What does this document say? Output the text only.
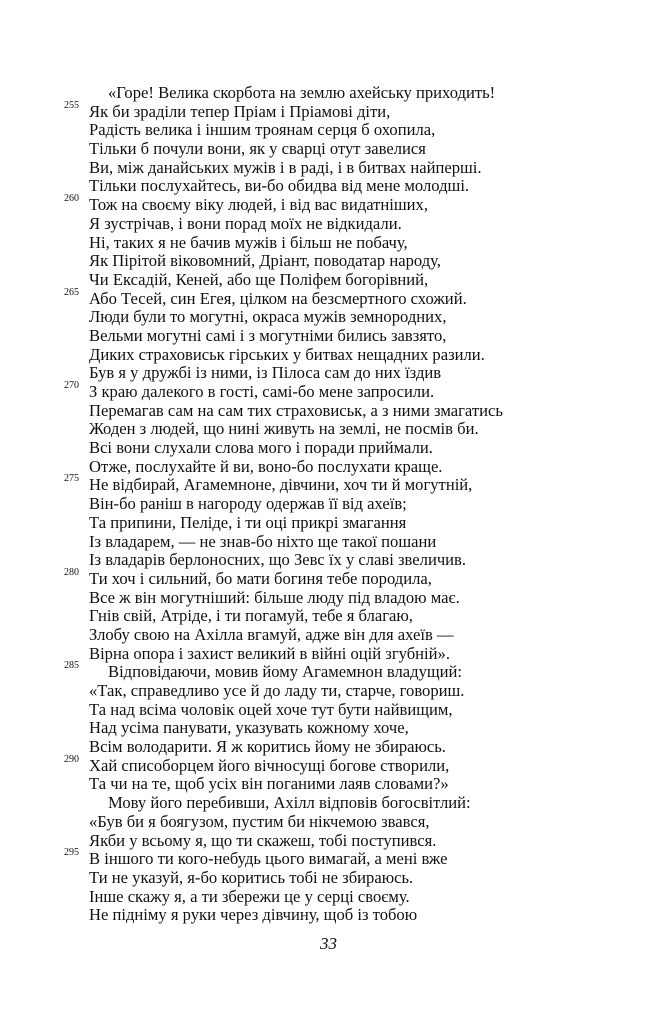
«Горе! Велика скорбота на землю ахейську приходить!
255 Як би зраділи тепер Пріам і Пріамові діти,
Радість велика і іншим троянам серця б охопила,
Тільки б почули вони, як у сварці отут завелися
Ви, між данайських мужів і в раді, і в битвах найперші.
Тільки послухайтесь, ви-бо обидва від мене молодші.
260 Тож на своєму віку людей, і від вас видатніших,
Я зустрічав, і вони порад моїх не відкидали.
Ні, таких я не бачив мужів і більш не побачу,
Як Пірітой віковомний, Дріант, поводатар народу,
Чи Ексадій, Кеней, або ще Поліфем богорівний,
265 Або Тесей, син Егея, цілком на безсмертного схожий.
Люди були то могутні, окраса мужів земнородних,
Вельми могутні самі і з могутніми бились завзято,
Диких страховиськ гірських у битвах нещадних разили.
Був я у дружбі із ними, із Пілоса сам до них їздив
270 З краю далекого в гості, самі-бо мене запросили.
Перемагав сам на сам тих страховиськ, а з ними змагатись
Жоден з людей, що нині живуть на землі, не посмів би.
Всі вони слухали слова мого і поради приймали.
Отже, послухайте й ви, воно-бо послухати краще.
275 Не відбирай, Агамемноне, дівчини, хоч ти й могутній,
Він-бо раніш в нагороду одержав її від ахеїв;
Та припини, Пеліде, і ти оці прикрі змагання
Із владарем, — не знав-бо ніхто ще такої пошани
Із владарів берлоносних, що Зевс їх у славі звеличив.
280 Ти хоч і сильний, бо мати богиня тебе породила,
Все ж він могутніший: більше люду під владою має.
Гнів свій, Атріде, і ти погамуй, тебе я благаю,
Злобу свою на Ахілла вгамуй, адже він для ахеїв —
Вірна опора і захист великий в війні оцій згубній».
285 Відповідаючи, мовив йому Агамемнон владущий:
«Так, справедливо усе й до ладу ти, старче, говориш.
Та над всіма чоловік оцей хоче тут бути найвищим,
Над усіма панувати, указувать кожному хоче,
Всім володарити. Я ж коритись йому не збираюсь.
290 Хай списоборцем його вічносущі богове створили,
Та чи на те, щоб усіх він поганими лаяв словами?»
Мову його перебивши, Ахілл відповів богосвітлий:
«Був би я боягузом, пустим би нікчемою звався,
Якби у всьому я, що ти скажеш, тобі поступився.
295 В іншого ти кого-небудь цього вимагай, а мені вже
Ти не указуй, я-бо коритись тобі не збираюсь.
Інше скажу я, а ти збережи це у серці своєму.
Не підніму я руки через дівчину, щоб із тобою
33
